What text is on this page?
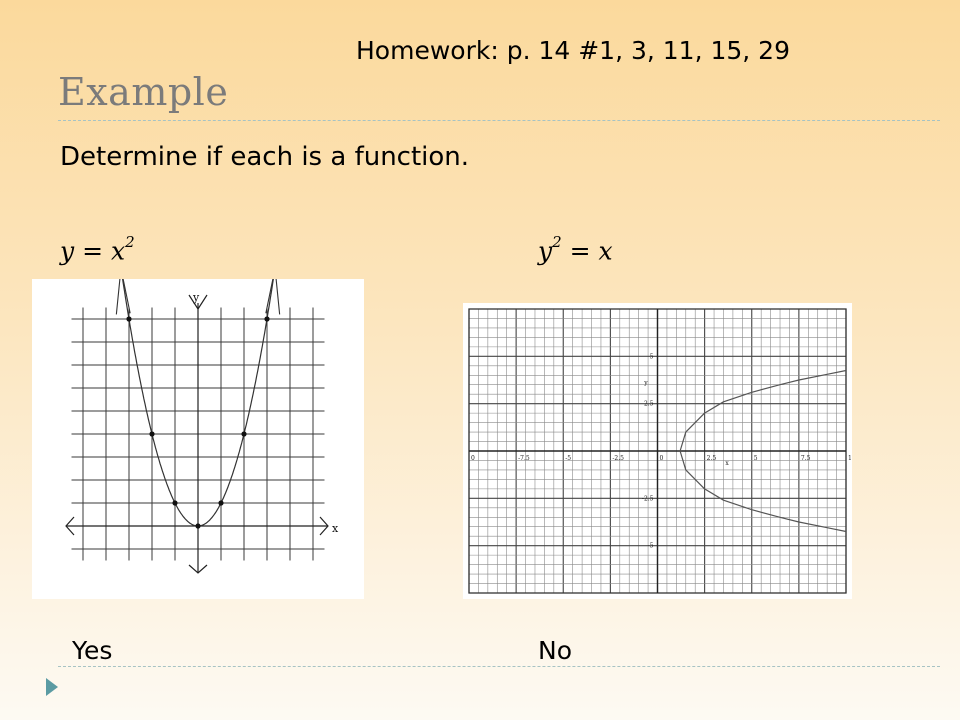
Homework: p. 14 #1, 3, 11, 15, 29
Example
Determine if each is a function.
$y = x^2$	$y^2 = x$
y
x
0	-7.5	-5	-2.5	0	2.5	5	7.5	1
5
2.5
-2.5
-5
x
y
Yes	No
